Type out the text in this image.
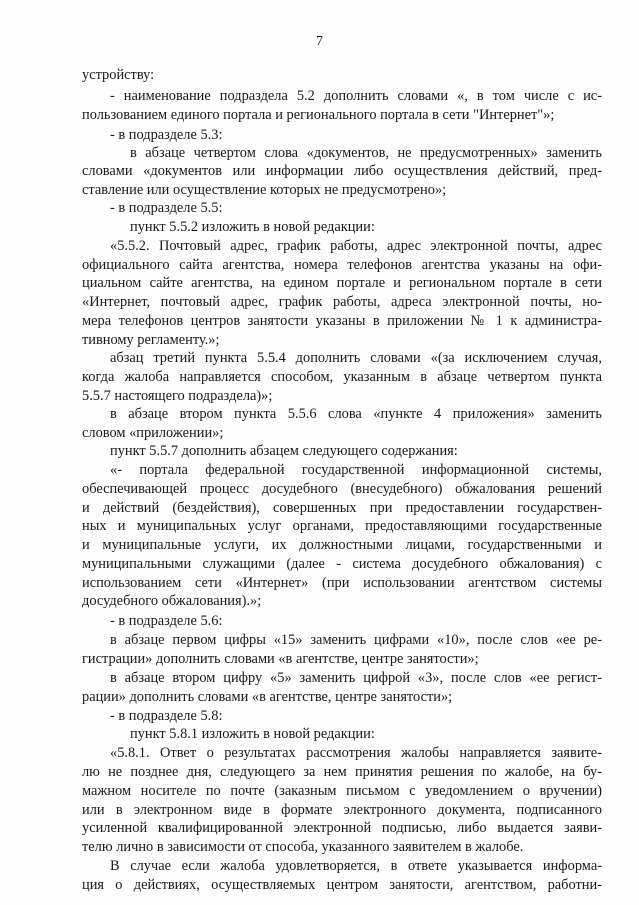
7
устройству:
- наименование подраздела 5.2 дополнить словами «, в том числе с ис-
пользованием единого портала и регионального портала в сети "Интернет"»;
- в подразделе 5.3:
в абзаце четвертом слова «документов, не предусмотренных» заменить
словами «документов или информации либо осуществления действий, пред-
ставление или осуществление которых не предусмотрено»;
- в подразделе 5.5:
пункт 5.5.2 изложить в новой редакции:
«5.5.2. Почтовый адрес, график работы, адрес электронной почты, адрес
официального сайта агентства, номера телефонов агентства указаны на офи-
циальном сайте агентства, на едином портале и региональном портале в сети
«Интернет, почтовый адрес, график работы, адреса электронной почты, но-
мера телефонов центров занятости указаны в приложении № 1 к администра-
тивному регламенту.»;
абзац третий пункта 5.5.4 дополнить словами «(за исключением случая,
когда жалоба направляется способом, указанным в абзаце четвертом пункта
5.5.7 настоящего подраздела)»;
в абзаце втором пункта 5.5.6 слова «пункте 4 приложения» заменить
словом «приложении»;
пункт 5.5.7 дополнить абзацем следующего содержания:
«- портала федеральной государственной информационной системы,
обеспечивающей процесс досудебного (внесудебного) обжалования решений
и действий (бездействия), совершенных при предоставлении государствен-
ных и муниципальных услуг органами, предоставляющими государственные
и муниципальные услуги, их должностными лицами, государственными и
муниципальными служащими (далее - система досудебного обжалования) с
использованием сети «Интернет» (при использовании агентством системы
досудебного обжалования).»;
- в подразделе 5.6:
в абзаце первом цифры «15» заменить цифрами «10», после слов «ее ре-
гистрации» дополнить словами «в агентстве, центре занятости»;
в абзаце втором цифру «5» заменить цифрой «3», после слов «ее регист-
рации» дополнить словами «в агентстве, центре занятости»;
- в подразделе 5.8:
пункт 5.8.1 изложить в новой редакции:
«5.8.1. Ответ о результатах рассмотрения жалобы направляется заявите-
лю не позднее дня, следующего за нем принятия решения по жалобе, на бу-
мажном носителе по почте (заказным письмом с уведомлением о вручении)
или в электронном виде в формате электронного документа, подписанного
усиленной квалифицированной электронной подписью, либо выдается заяви-
телю лично в зависимости от способа, указанного заявителем в жалобе.
В случае если жалоба удовлетворяется, в ответе указывается информа-
ция о действиях, осуществляемых центром занятости, агентством, работни-
